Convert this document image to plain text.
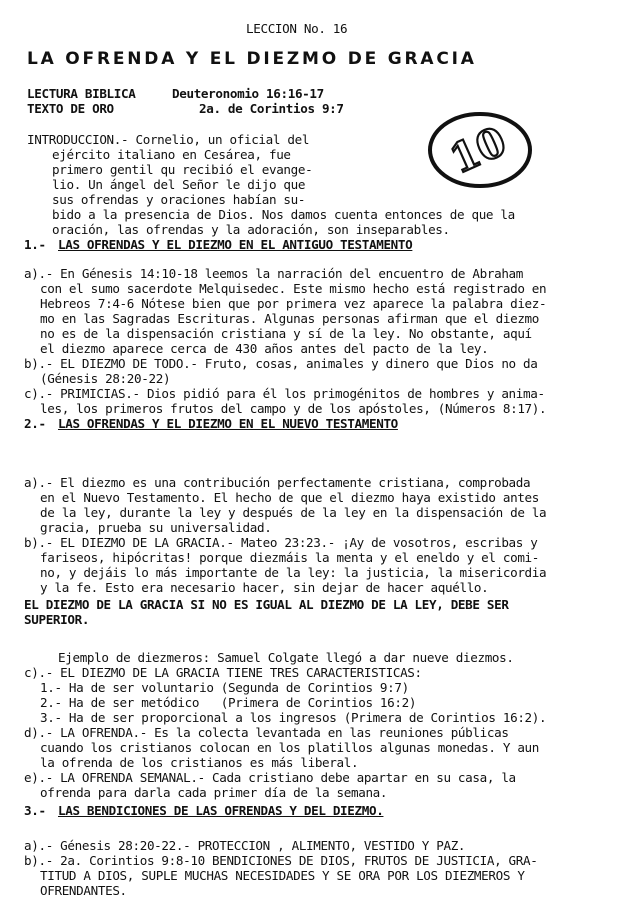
LECCION No. 16
LA OFRENDA Y EL DIEZMO DE GRACIA
LECTURA BIBLICA	Deuteronomio 16:16-17
TEXTO DE ORO	2a. de Corintios 9:7
10
INTRODUCCION.- Cornelio, un oficial del
ejército italiano en Cesárea, fue
primero gentil qu recibió el evange-
lio. Un ángel del Señor le dijo que
sus ofrendas y oraciones habían su-
bido a la presencia de Dios. Nos damos cuenta entonces de que la
oración, las ofrendas y la adoración, son inseparables.
1.- LAS OFRENDAS Y EL DIEZMO EN EL ANTIGUO TESTAMENTO
a).- En Génesis 14:10-18 leemos la narración del encuentro de Abraham
con el sumo sacerdote Melquisedec. Este mismo hecho está registrado en
Hebreos 7:4-6 Nótese bien que por primera vez aparece la palabra diez-
mo en las Sagradas Escrituras. Algunas personas afirman que el diezmo
no es de la dispensación cristiana y sí de la ley. No obstante, aquí
el diezmo aparece cerca de 430 años antes del pacto de la ley.
b).- EL DIEZMO DE TODO.- Fruto, cosas, animales y dinero que Dios no da
(Génesis 28:20-22)
c).- PRIMICIAS.- Dios pidió para él los primogénitos de hombres y anima-
les, los primeros frutos del campo y de los apóstoles, (Números 8:17).
2.- LAS OFRENDAS Y EL DIEZMO EN EL NUEVO TESTAMENTO
a).- El diezmo es una contribución perfectamente cristiana, comprobada
en el Nuevo Testamento. El hecho de que el diezmo haya existido antes
de la ley, durante la ley y después de la ley en la dispensación de la
gracia, prueba su universalidad.
b).- EL DIEZMO DE LA GRACIA.- Mateo 23:23.- ¡Ay de vosotros, escribas y
fariseos, hipócritas! porque diezmáis la menta y el eneldo y el comi-
no, y dejáis lo más importante de la ley: la justicia, la misericordia
y la fe. Esto era necesario hacer, sin dejar de hacer aquéllo.
EL DIEZMO DE LA GRACIA SI NO ES IGUAL AL DIEZMO DE LA LEY, DEBE SER
SUPERIOR.
Ejemplo de diezmeros: Samuel Colgate llegó a dar nueve diezmos.
c).- EL DIEZMO DE LA GRACIA TIENE TRES CARACTERISTICAS:
1.- Ha de ser voluntario (Segunda de Corintios 9:7)
2.- Ha de ser metódico   (Primera de Corintios 16:2)
3.- Ha de ser proporcional a los ingresos (Primera de Corintios 16:2).
d).- LA OFRENDA.- Es la colecta levantada en las reuniones públicas
cuando los cristianos colocan en los platillos algunas monedas. Y aun
la ofrenda de los cristianos es más liberal.
e).- LA OFRENDA SEMANAL.- Cada cristiano debe apartar en su casa, la
ofrenda para darla cada primer día de la semana.
3.- LAS BENDICIONES DE LAS OFRENDAS Y DEL DIEZMO.
a).- Génesis 28:20-22.- PROTECCION , ALIMENTO, VESTIDO Y PAZ.
b).- 2a. Corintios 9:8-10 BENDICIONES DE DIOS, FRUTOS DE JUSTICIA, GRA-
TITUD A DIOS, SUPLE MUCHAS NECESIDADES Y SE ORA POR LOS DIEZMEROS Y
OFRENDANTES.
